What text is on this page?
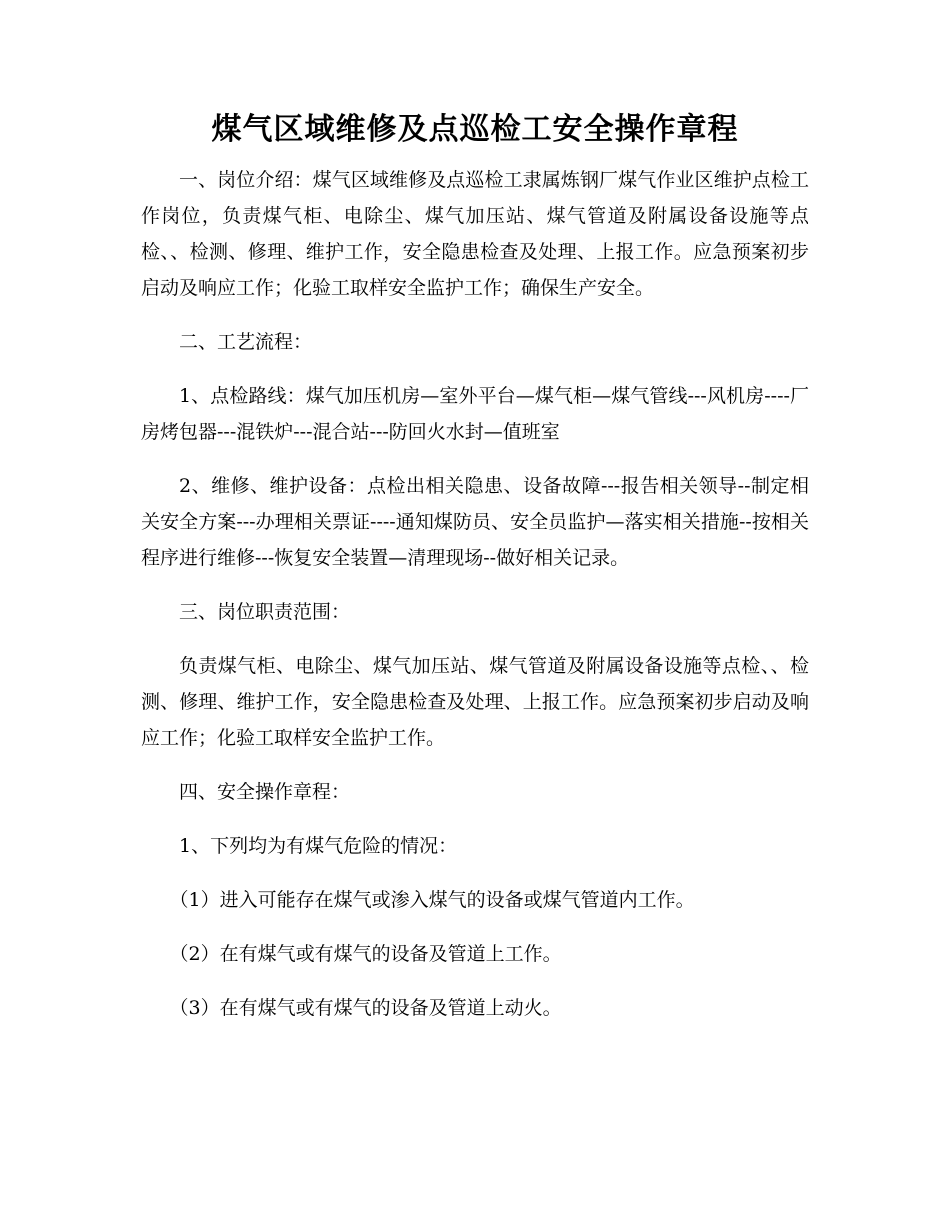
煤气区域维修及点巡检工安全操作章程

一、岗位介绍：煤气区域维修及点巡检工隶属炼钢厂煤气作业区维护点检工作岗位，负责煤气柜、电除尘、煤气加压站、煤气管道及附属设备设施等点检、、检测、修理、维护工作，安全隐患检查及处理、上报工作。应急预案初步启动及响应工作；化验工取样安全监护工作；确保生产安全。

二、工艺流程：

1、点检路线：煤气加压机房—室外平台—煤气柜—煤气管线---风机房----厂房烤包器---混铁炉---混合站---防回火水封—值班室

2、维修、维护设备：点检出相关隐患、设备故障---报告相关领导--制定相关安全方案---办理相关票证----通知煤防员、安全员监护—落实相关措施--按相关程序进行维修---恢复安全装置—清理现场--做好相关记录。

三、岗位职责范围：

负责煤气柜、电除尘、煤气加压站、煤气管道及附属设备设施等点检、、检测、修理、维护工作，安全隐患检查及处理、上报工作。应急预案初步启动及响应工作；化验工取样安全监护工作。

四、安全操作章程：

1、下列均为有煤气危险的情况：

（1）进入可能存在煤气或渗入煤气的设备或煤气管道内工作。

（2）在有煤气或有煤气的设备及管道上工作。

（3）在有煤气或有煤气的设备及管道上动火。
